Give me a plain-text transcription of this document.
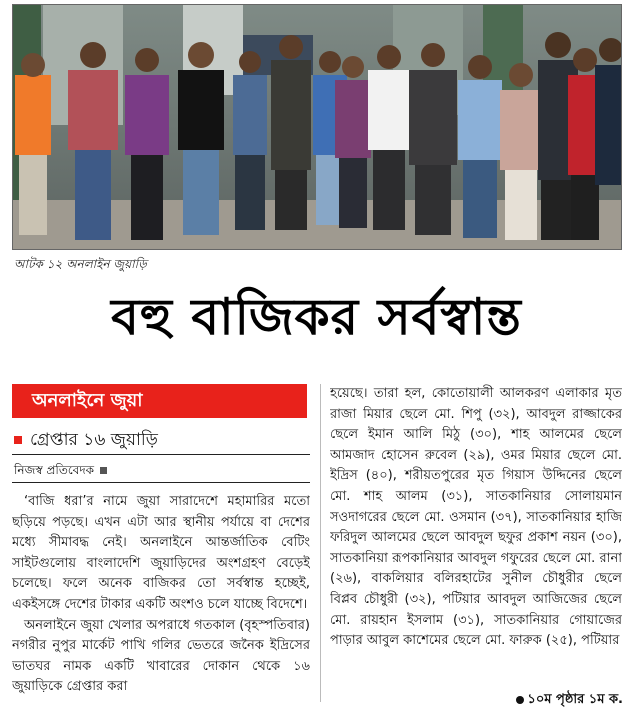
আটক ১২ অনলাইন জুয়াড়ি
বহু বাজিকর সর্বস্বান্ত
অনলাইনে জুয়া
গ্রেপ্তার ১৬ জুয়াড়ি
নিজস্ব প্রতিবেদক

‘বাজি ধরা’র নামে জুয়া সারাদেশে মহামারির মতো ছড়িয়ে পড়ছে। এখন এটা আর স্থানীয় পর্যায়ে বা দেশের মধ্যে সীমাবদ্ধ নেই। অনলাইনে আন্তর্জাতিক বেটিং সাইটগুলোয় বাংলাদেশি জুয়াড়িদের অংশগ্রহণ বেড়েই চলেছে। ফলে অনেক বাজিকর তো সর্বস্বান্ত হচ্ছেই, একইসঙ্গে দেশের টাকার একটি অংশও চলে যাচ্ছে বিদেশে।

অনলাইনে জুয়া খেলার অপরাধে গতকাল (বৃহস্পতিবার) নগরীর নুপুর মার্কেট পাখি গলির ভেতরে জনৈক ইদ্রিসের ভাতঘর নামক একটি খাবারের দোকান থেকে ১৬ জুয়াড়িকে গ্রেপ্তার করা

হয়েছে। তারা হল, কোতোয়ালী আলকরণ এলাকার মৃত রাজা মিয়ার ছেলে মো. শিপু (৩২), আবদুল রাজ্জাকের ছেলে ইমান আলি মিঠু (৩০), শাহ আলমের ছেলে আমজাদ হোসেন রুবেল (২৯), ওমর মিয়ার ছেলে মো. ইদ্রিস (৪০), শরীয়তপুরের মৃত গিয়াস উদ্দিনের ছেলে মো. শাহ আলম (৩১), সাতকানিয়ার সোলায়মান সওদাগরের ছেলে মো. ওসমান (৩৭), সাতকানিয়ার হাজি ফরিদুল আলমের ছেলে আবদুল ছফুর প্রকাশ নয়ন (৩০), সাতকানিয়া রূপকানিয়ার আবদুল গফুরের ছেলে মো. রানা (২৬), বাকলিয়ার বলিরহাটের সুনীল চৌধুরীর ছেলে বিপ্লব চৌধুরী (৩২), পটিয়ার আবদুল আজিজের ছেলে মো. রায়হান ইসলাম (৩১), সাতকানিয়ার গোয়াজের পাড়ার আবুল কাশেমের ছেলে মো. ফারুক (২৫), পটিয়ার

১০ম পৃষ্ঠার ১ম ক.
